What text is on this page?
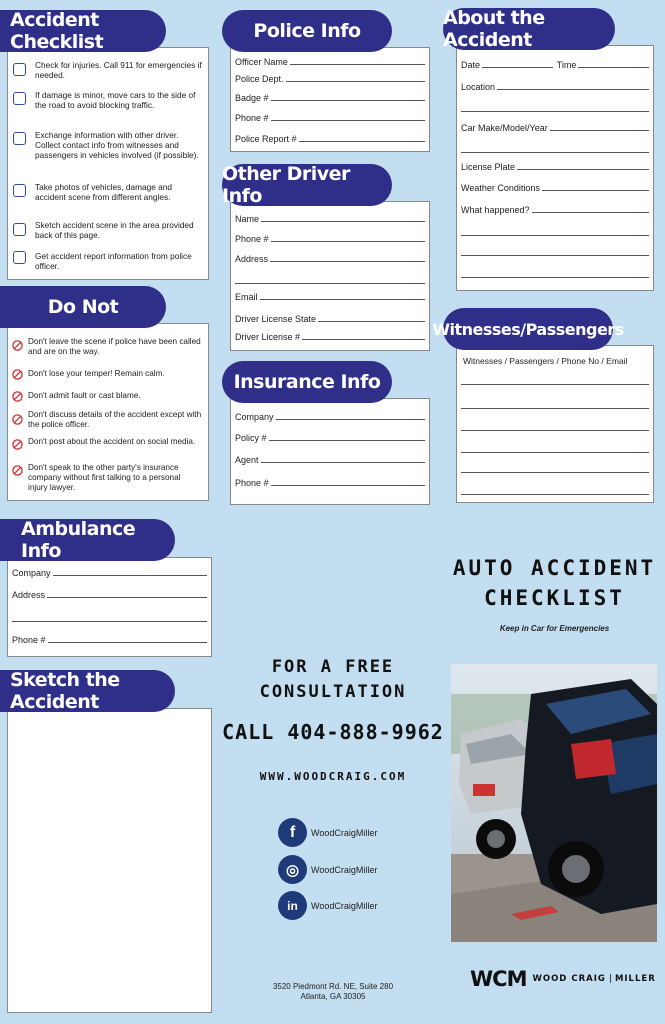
Accident Checklist
Check for injuries. Call 911 for emergencies if needed.
If damage is minor, move cars to the side of the road to avoid blocking traffic.
Exchange information with other driver. Collect contact info from witnesses and passengers in vehicles involved (if possible).
Take photos of vehicles, damage and accident scene from different angles.
Sketch accident scene in the area provided back of this page.
Get accident report information from police officer.
Do Not
Don't leave the scene if police have been called and are on the way.
Don't lose your temper! Remain calm.
Don't admit fault or cast blame.
Don't discuss details of the accident except with the police officer.
Don't post about the accident on social media.
Don't speak to the other party's insurance company without first talking to a personal injury lawyer.
Ambulance Info
Company
Address
Phone #
Sketch the Accident
Police Info
Officer Name
Police Dept.
Badge #
Phone #
Police Report #
Other Driver Info
Name
Phone #
Address
Email
Driver License State
Driver License #
Insurance Info
Company
Policy #
Agent
Phone #
FOR A FREE
CONSULTATION
CALL 404-888-9962
WWW.WOODCRAIG.COM
f WoodCraigMiller
◎ WoodCraigMiller
in WoodCraigMiller
3520 Piedmont Rd. NE, Suite 280
Atlanta, GA 30305
About the Accident
Date	Time
Location
Car Make/Model/Year
License Plate
Weather Conditions
What happened?
Witnesses/Passengers
Witnesses / Passengers / Phone No / Email
AUTO ACCIDENT
CHECKLIST
Keep in Car for Emergencies
WCM WOOD CRAIG | MILLER
